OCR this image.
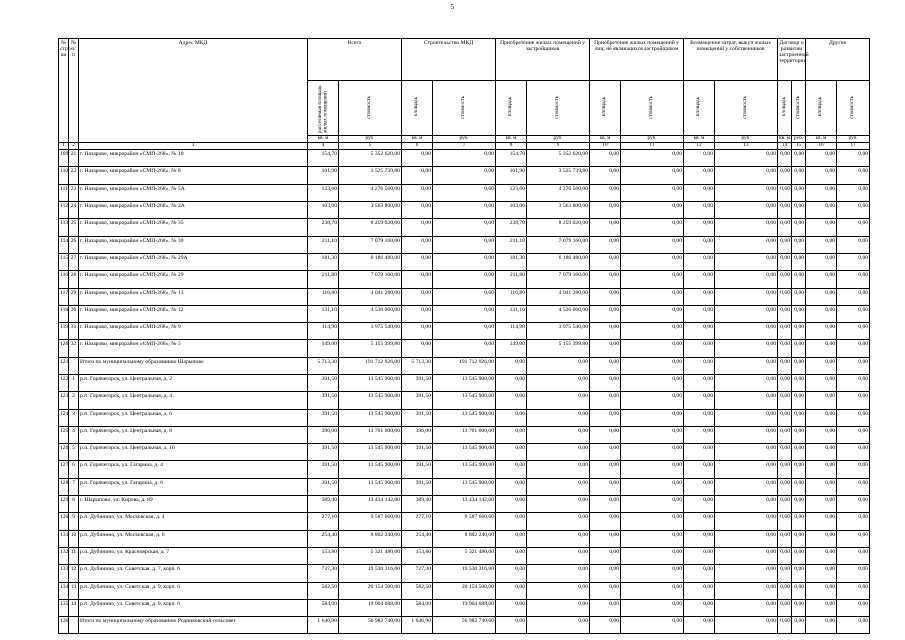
5
№ стро-ки	№ п/п	Адрес МКД	Всего		Строительство МКД		Приобретение жилых помещений у застройщиков		Приобретение жилых помещений у лиц, не являющихся застройщиком		Возмещение затрат, выкуп жилых помещений у собственников		Договор о развитии застроенной территории		Другие	
			расселяемая площадь жилых помещений	стоимость	площадь	стоимость	площадь	стоимость	площадь	стоимость	площадь	стоимость	площадь	стоимость	площадь	стоимость
			кв. м	руб.	кв. м	руб.	кв. м	руб.	кв. м	руб.	кв. м	руб.	кв. м	руб.	кв. м	руб.
1	2	3	4	5	6	7	8	9	10	11	12	13	14	15	16	17
109	21	г. Назарово, микрорайон «СМП-268», № 10	154,70	5 352 620,00	0,00	0,00	154,70	5 352 620,00	0,00	0,00	0,00	0,00	0,00	0,00	0,00	0,00
110	22	г. Назарово, микрорайон «СМП-268», № 8	101,90	3 525 739,80	0,00	0,00	101,90	3 525 739,80	0,00	0,00	0,00	0,00	0,00	0,00	0,00	0,00
111	23	г. Назарово, микрорайон «СМП-268», № 5А	123,60	4 276 560,00	0,00	0,00	123,60	4 276 560,00	0,00	0,00	0,00	0,00	0,00	0,00	0,00	0,00
112	24	г. Назарово, микрорайон «СМП-268», № 3А	103,00	3 563 800,00	0,00	0,00	103,00	3 563 800,00	0,00	0,00	0,00	0,00	0,00	0,00	0,00	0,00
113	25	г. Назарово, микрорайон «СМП-268», № 35	238,70	8 259 020,00	0,00	0,00	238,70	8 259 020,00	0,00	0,00	0,00	0,00	0,00	0,00	0,00	0,00
114	26	г. Назарово, микрорайон «СМП-268», № 30	211,10	7 079 160,00	0,00	0,00	211,10	7 079 160,00	0,00	0,00	0,00	0,00	0,00	0,00	0,00	0,00
115	27	г. Назарово, микрорайон «СМП-268», № 29А	181,30	6 186 480,00	0,00	0,00	181,30	6 186 480,00	0,00	0,00	0,00	0,00	0,00	0,00	0,00	0,00
116	28	г. Назарово, микрорайон «СМП-268», № 29	211,80	7 079 160,00	0,00	0,00	211,80	7 079 160,00	0,00	0,00	0,00	0,00	0,00	0,00	0,00	0,00
117	29	г. Назарово, микрорайон «СМП-268», № 13	116,80	4 041 280,00	0,00	0,00	116,80	4 041 280,00	0,00	0,00	0,00	0,00	0,00	0,00	0,00	0,00
118	30	г. Назарово, микрорайон «СМП-268», № 12	131,10	4 536 060,00	0,00	0,00	131,10	4 536 060,00	0,00	0,00	0,00	0,00	0,00	0,00	0,00	0,00
119	31	г. Назарово, микрорайон «СМП-268», № 9	114,90	3 975 540,00	0,00	0,00	114,90	3 975 540,00	0,00	0,00	0,00	0,00	0,00	0,00	0,00	0,00
120	32	г. Назарово, микрорайон «СМП-268», № 5	149,00	5 155 399,80	0,00	0,00	149,00	5 155 399,80	0,00	0,00	0,00	0,00	0,00	0,00	0,00	0,00
121		Итого по муниципальному образованию Шарыпово	5 713,30	191 712 026,00	5 713,30	191 712 026,00	0,00	0,00	0,00	0,00	0,00	0,00	0,00	0,00	0,00	0,00
122	1	р.п. Горячегорск, ул. Центральная, д. 2	391,50	13 545 900,00	391,50	13 545 900,00	0,00	0,00	0,00	0,00	0,00	0,00	0,00	0,00	0,00	0,00
123	2	р.п. Горячегорск, ул. Центральная, д. 4	391,50	13 545 900,00	391,50	13 545 900,00	0,00	0,00	0,00	0,00	0,00	0,00	0,00	0,00	0,00	0,00
124	3	р.п. Горячегорск, ул. Центральная, д. 6	391,50	13 545 900,00	391,50	13 545 900,00	0,00	0,00	0,00	0,00	0,00	0,00	0,00	0,00	0,00	0,00
125	4	р.п. Горячегорск, ул. Центральная, д. 8	396,00	13 701 600,00	396,00	13 701 600,00	0,00	0,00	0,00	0,00	0,00	0,00	0,00	0,00	0,00	0,00
126	5	р.п. Горячегорск, ул. Центральная, д. 10	391,50	13 545 900,00	391,50	13 545 900,00	0,00	0,00	0,00	0,00	0,00	0,00	0,00	0,00	0,00	0,00
127	6	р.п. Горячегорск, ул. Гагарина, д. 4	391,50	13 545 900,00	391,50	13 545 900,00	0,00	0,00	0,00	0,00	0,00	0,00	0,00	0,00	0,00	0,00
128	7	р.п. Горячегорск, ул. Гагарина, д. 6	391,50	13 545 900,00	391,50	13 545 900,00	0,00	0,00	0,00	0,00	0,00	0,00	0,00	0,00	0,00	0,00
129	8	г. Шарыпово, ул. Кирова, д. 89	389,40	13 434 142,00	389,40	13 434 142,00	0,00	0,00	0,00	0,00	0,00	0,00	0,00	0,00	0,00	0,00
130	9	р.п. Дубинино, ул. Московская, д. 4	277,10	9 587 660,00	277,10	9 587 660,00	0,00	0,00	0,00	0,00	0,00	0,00	0,00	0,00	0,00	0,00
131	10	р.п. Дубинино, ул. Московская, д. 6	254,40	8 802 240,00	254,40	8 802 240,00	0,00	0,00	0,00	0,00	0,00	0,00	0,00	0,00	0,00	0,00
132	11	р.п. Дубинино, ул. Красноярская, д. 7	153,80	5 321 480,00	153,80	5 321 480,00	0,00	0,00	0,00	0,00	0,00	0,00	0,00	0,00	0,00	0,00
133	12	р.п. Дубинино, ул. Советская, д. 7, корп. 6	727,30	19 530 316,00	727,30	19 530 316,00	0,00	0,00	0,00	0,00	0,00	0,00	0,00	0,00	0,00	0,00
134	13	р.п. Дубинино, ул. Советская, д. 9, корп. 6	582,50	20 154 500,00	582,50	20 154 500,00	0,00	0,00	0,00	0,00	0,00	0,00	0,00	0,00	0,00	0,00
135	14	р.п. Дубинино, ул. Советская, д. 9, корп. 6	584,00	19 904 688,00	584,00	19 904 688,00	0,00	0,00	0,00	0,00	0,00	0,00	0,00	0,00	0,00	0,00
136		Итого по муниципальному образованию Родниковский сельсовет	1 646,90	56 982 740,00	1 646,90	56 982 740,00	0,00	0,00	0,00	0,00	0,00	0,00	0,00	0,00	0,00	0,00
